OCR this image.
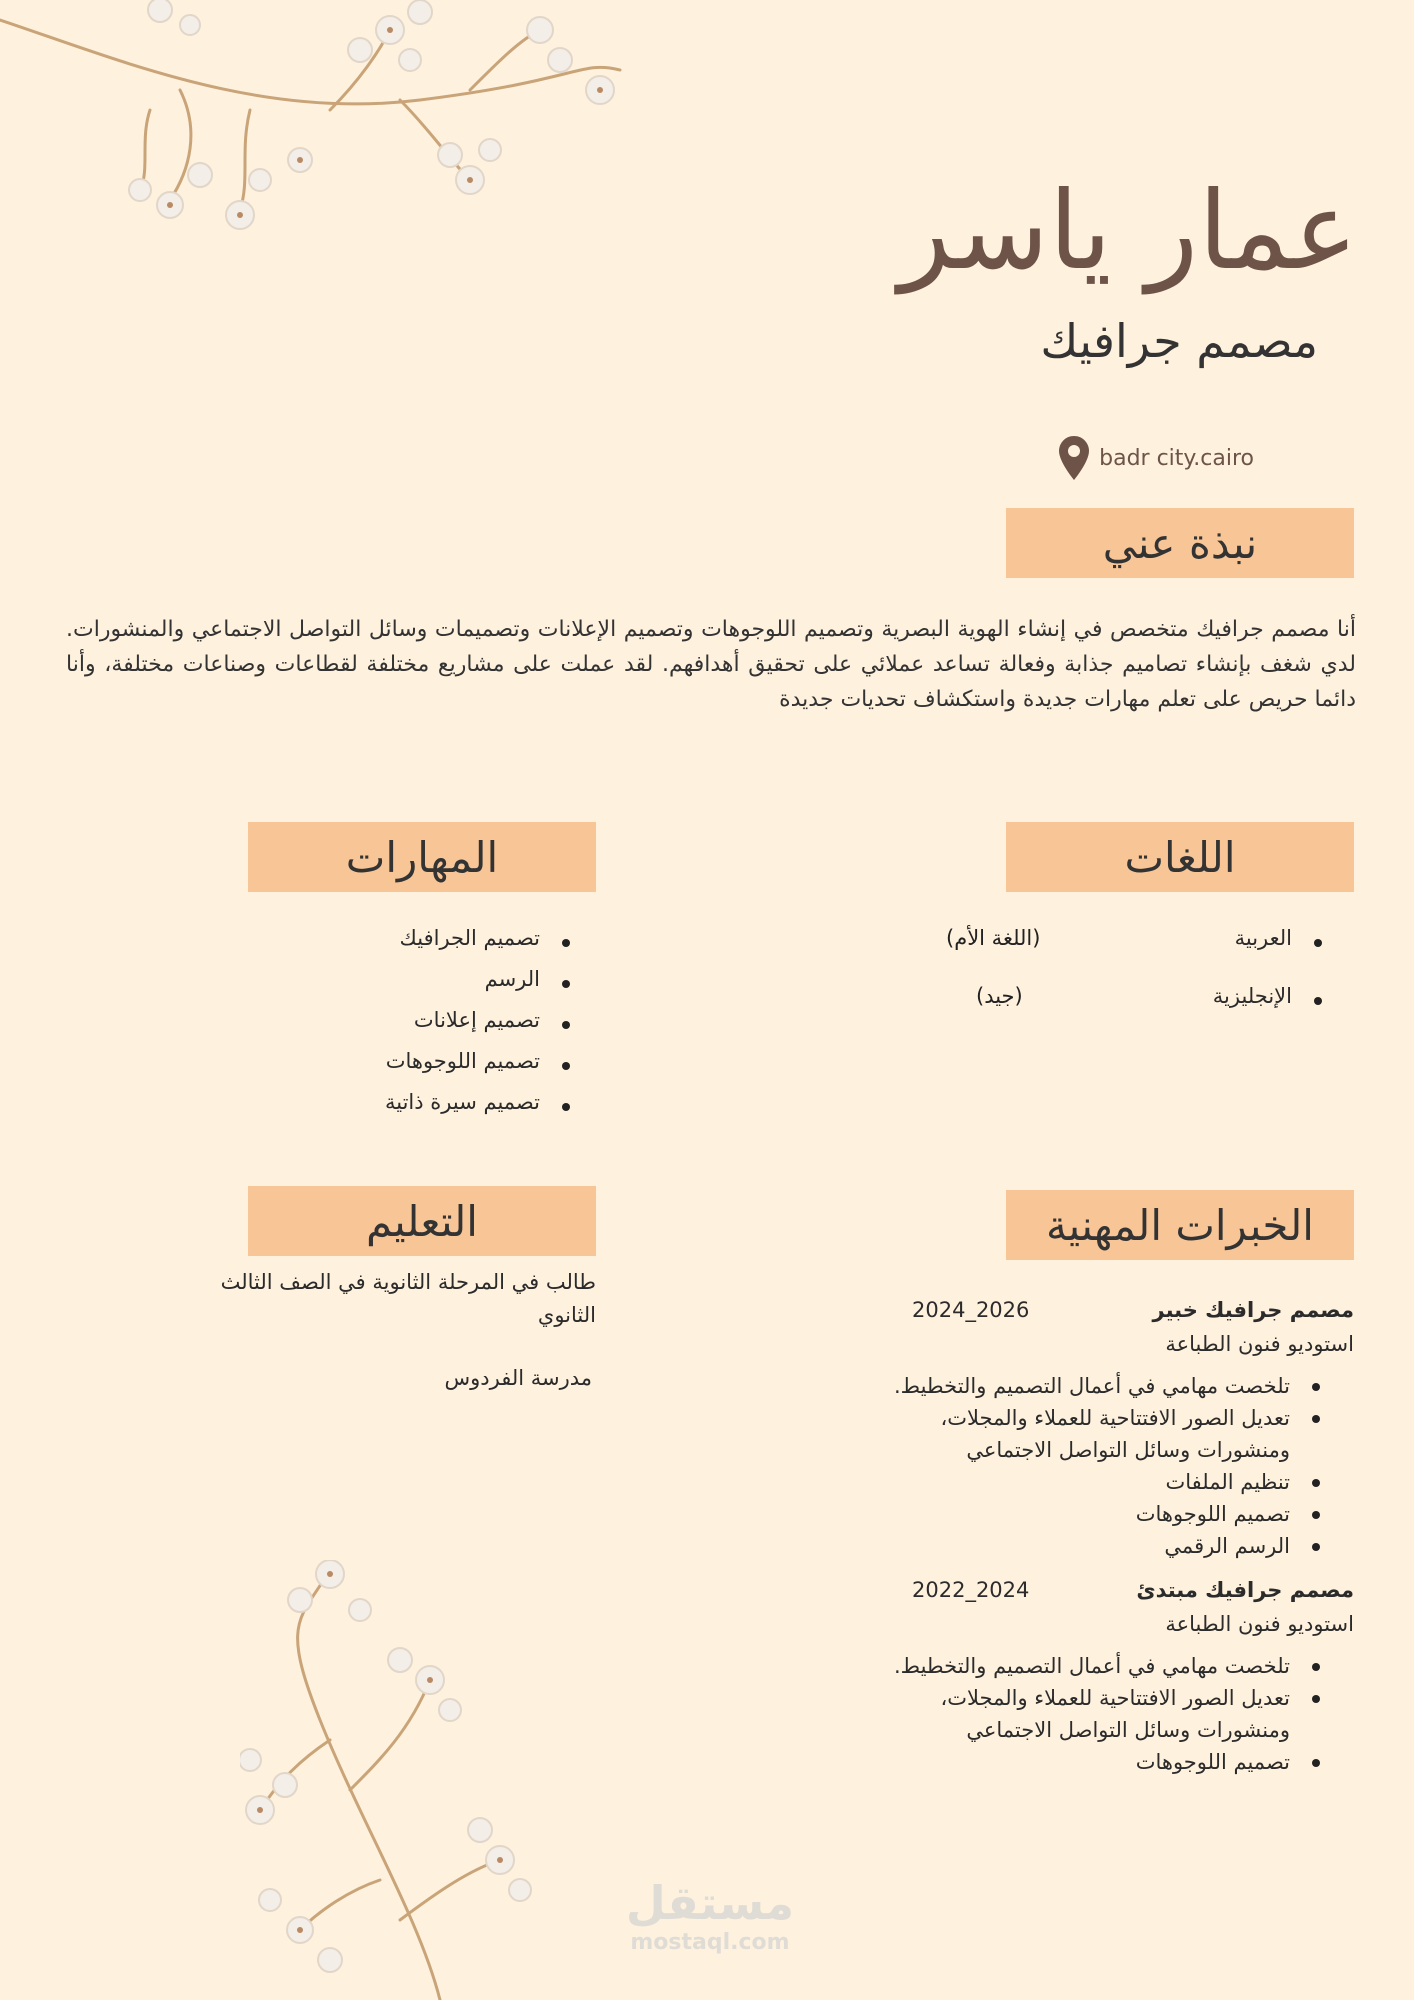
عمار ياسر
مصمم جرافيك
badr city.cairo
نبذة عني
أنا مصمم جرافيك متخصص في إنشاء الهوية البصرية وتصميم اللوجوهات وتصميم الإعلانات وتصميمات وسائل التواصل الاجتماعي والمنشورات. لدي شغف بإنشاء تصاميم جذابة وفعالة تساعد عملائي على تحقيق أهدافهم. لقد عملت على مشاريع مختلفة لقطاعات وصناعات مختلفة، وأنا دائما حريص على تعلم مهارات جديدة واستكشاف تحديات جديدة
اللغات
العربية
(اللغة الأم)
الإنجليزية
(جيد)
المهارات
تصميم الجرافيك
الرسم
تصميم إعلانات
تصميم اللوجوهات
تصميم سيرة ذاتية
التعليم
طالب في المرحلة الثانوية في الصف الثالث الثانوي
مدرسة الفردوس
الخبرات المهنية
مصمم جرافيك خبير
2024_2026
استوديو فنون الطباعة
تلخصت مهامي في أعمال التصميم والتخطيط.
تعديل الصور الافتتاحية للعملاء والمجلات، ومنشورات وسائل التواصل الاجتماعي
تنظيم الملفات
تصميم اللوجوهات
الرسم الرقمي
مصمم جرافيك مبتدئ
2022_2024
استوديو فنون الطباعة
تلخصت مهامي في أعمال التصميم والتخطيط.
تعديل الصور الافتتاحية للعملاء والمجلات، ومنشورات وسائل التواصل الاجتماعي
تصميم اللوجوهات
مستقل
mostaql.com
